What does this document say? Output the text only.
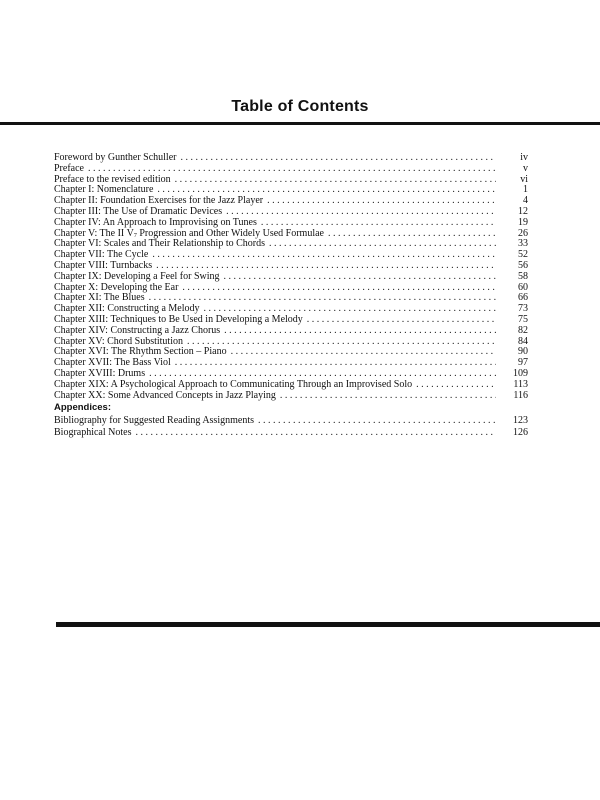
Table of Contents
Foreword by Gunther Schuller . . .	iv
Preface . . .	v
Preface to the revised edition . . .	vi
Chapter I: Nomenclature . . .	1
Chapter II: Foundation Exercises for the Jazz Player . . .	4
Chapter III: The Use of Dramatic Devices . . .	12
Chapter IV: An Approach to Improvising on Tunes . . .	19
Chapter V: The II $V_7$ Progression and Other Widely Used Formulae . . .	26
Chapter VI: Scales and Their Relationship to Chords . . .	33
Chapter VII: The Cycle . . .	52
Chapter VIII: Turnbacks . . .	56
Chapter IX: Developing a Feel for Swing . . .	58
Chapter X: Developing the Ear . . .	60
Chapter XI: The Blues . . .	66
Chapter XII: Constructing a Melody . . .	73
Chapter XIII: Techniques to Be Used in Developing a Melody . . .	75
Chapter XIV: Constructing a Jazz Chorus . . .	82
Chapter XV: Chord Substitution . . .	84
Chapter XVI: The Rhythm Section – Piano . . .	90
Chapter XVII: The Bass Viol . . .	97
Chapter XVIII: Drums . . .	109
Chapter XIX: A Psychological Approach to Communicating Through an Improvised Solo . . .	113
Chapter XX: Some Advanced Concepts in Jazz Playing . . .	116
Appendices:
Bibliography for Suggested Reading Assignments . . .	123
Biographical Notes . . .	126
